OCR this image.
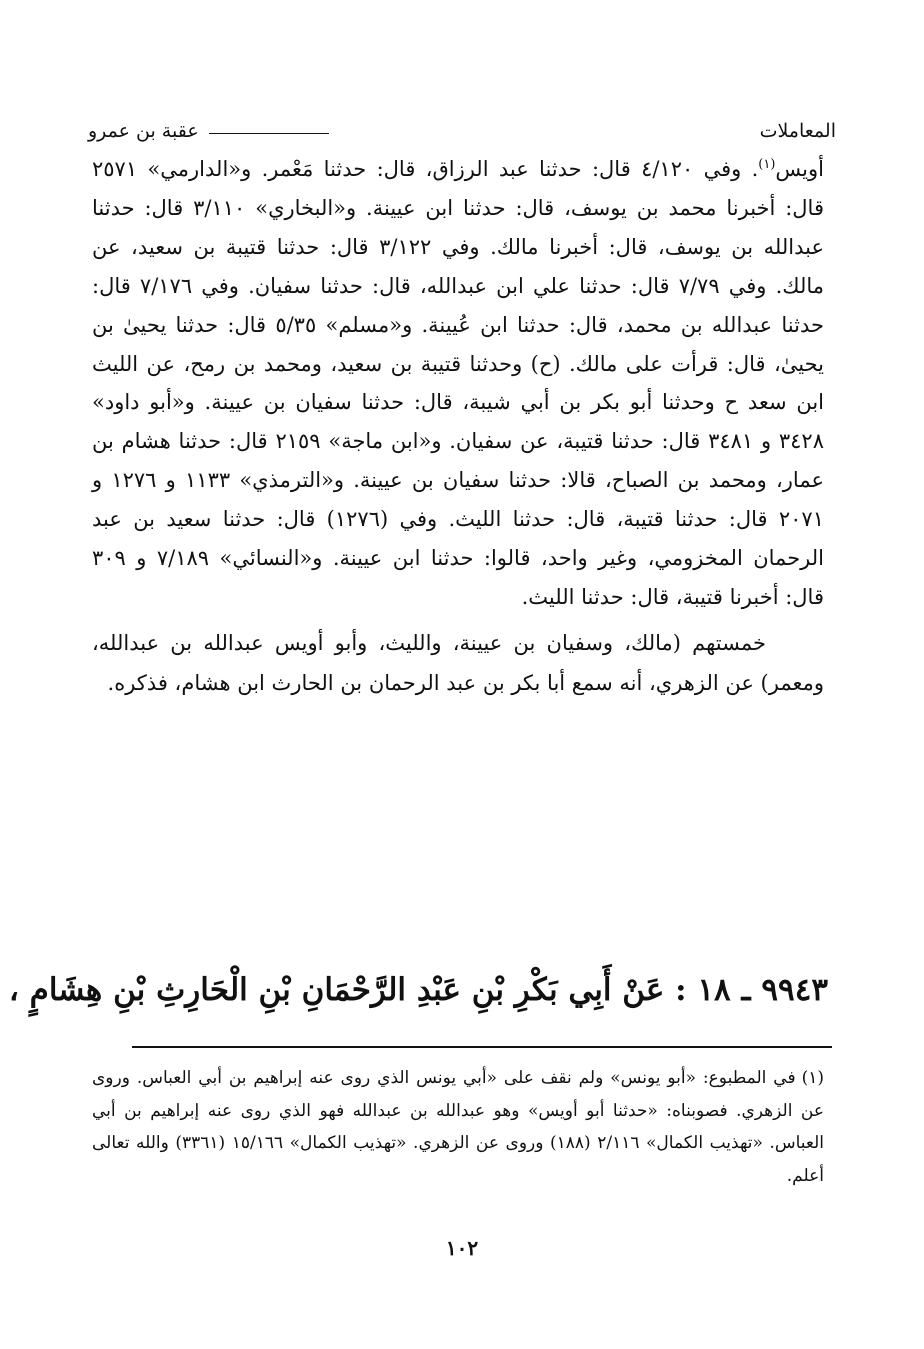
المعاملات
عقبة بن عمرو

أويس$^{(١)}$. وفي ٤/١٢٠ قال: حدثنا عبد الرزاق، قال: حدثنا مَعْمر. و«الدارمي» ٢٥٧١ قال: أخبرنا محمد بن يوسف، قال: حدثنا ابن عيينة. و«البخاري» ٣/١١٠ قال: حدثنا عبدالله بن يوسف، قال: أخبرنا مالك. وفي ٣/١٢٢ قال: حدثنا قتيبة بن سعيد، عن مالك. وفي ٧/٧٩ قال: حدثنا علي ابن عبدالله، قال: حدثنا سفيان. وفي ٧/١٧٦ قال: حدثنا عبدالله بن محمد، قال: حدثنا ابن عُيينة. و«مسلم» ٥/٣٥ قال: حدثنا يحيىٰ بن يحيىٰ، قال: قرأت على مالك. (ح) وحدثنا قتيبة بن سعيد، ومحمد بن رمح، عن الليث ابن سعد ح وحدثنا أبو بكر بن أبي شيبة، قال: حدثنا سفيان بن عيينة. و«أبو داود» ٣٤٢٨ و ٣٤٨١ قال: حدثنا قتيبة، عن سفيان. و«ابن ماجة» ٢١٥٩ قال: حدثنا هشام بن عمار، ومحمد بن الصباح، قالا: حدثنا سفيان بن عيينة. و«الترمذي» ١١٣٣ و ١٢٧٦ و ٢٠٧١ قال: حدثنا قتيبة، قال: حدثنا الليث. وفي (١٢٧٦) قال: حدثنا سعيد بن عبد الرحمان المخزومي، وغير واحد، قالوا: حدثنا ابن عيينة. و«النسائي» ٧/١٨٩ و ٣٠٩ قال: أخبرنا قتيبة، قال: حدثنا الليث.

خمستهم (مالك، وسفيان بن عيينة، والليث، وأبو أويس عبدالله بن عبدالله، ومعمر) عن الزهري، أنه سمع أبا بكر بن عبد الرحمان بن الحارث ابن هشام، فذكره.

٩٩٤٣ ـ ١٨ : عَنْ أَبِي بَكْرِ بْنِ عَبْدِ الرَّحْمَانِ بْنِ الْحَارِثِ بْنِ هِشَامٍ ،
(١)في المطبوع: «أبو يونس» ولم نقف على «أبي يونس الذي روى عنه إبراهيم بن أبي العباس. وروى عن الزهري. فصوبناه: «حدثنا أبو أويس» وهو عبدالله بن عبدالله فهو الذي روى عنه إبراهيم بن أبي العباس. «تهذيب الكمال» ٢/١١٦ (١٨٨) وروى عن الزهري. «تهذيب الكمال» ١٥/١٦٦ (٣٣٦١) والله تعالى أعلم.
١٠٢
